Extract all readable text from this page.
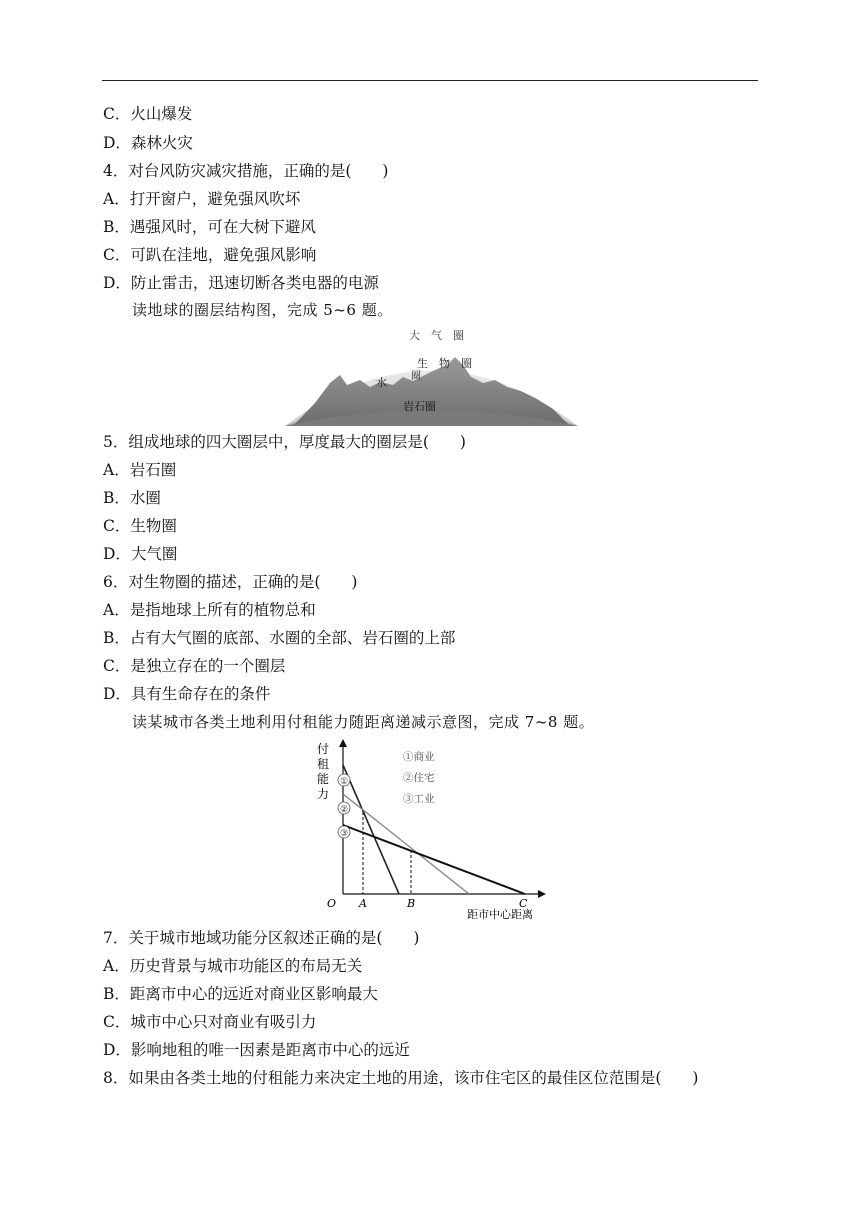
C．火山爆发
D．森林火灾
4．对台风防灾减灾措施，正确的是(　　)
A．打开窗户，避免强风吹坏
B．遇强风时，可在大树下避风
C．可趴在洼地，避免强风影响
D．防止雷击，迅速切断各类电器的电源
读地球的圈层结构图，完成 5~6 题。
大　气　圈
生　物　圈
水 圈
岩石圈
5．组成地球的四大圈层中，厚度最大的圈层是(　　)
A．岩石圈
B．水圈
C．生物圈
D．大气圈
6．对生物圈的描述，正确的是(　　)
A．是指地球上所有的植物总和
B．占有大气圈的底部、水圈的全部、岩石圈的上部
C．是独立存在的一个圈层
D．具有生命存在的条件
读某城市各类土地利用付租能力随距离递减示意图，完成 7~8 题。
付
租
能
力
①
②
③
①商业
②住宅
③工业
O A	B	C
距市中心距离
7．关于城市地域功能分区叙述正确的是(　　)
A．历史背景与城市功能区的布局无关
B．距离市中心的远近对商业区影响最大
C．城市中心只对商业有吸引力
D．影响地租的唯一因素是距离市中心的远近
8．如果由各类土地的付租能力来决定土地的用途，该市住宅区的最佳区位范围是(　　)
